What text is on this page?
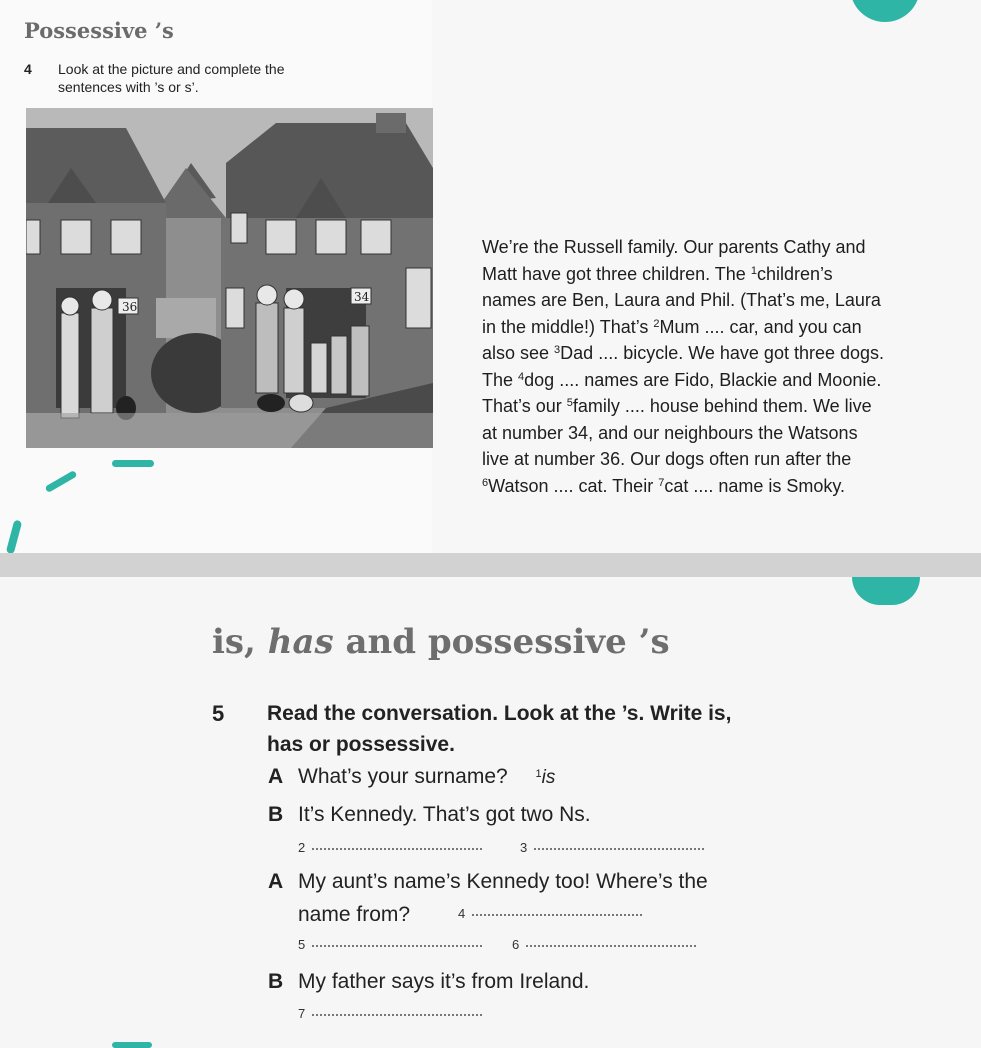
Possessive ’s
4 Look at the picture and complete the
sentences with ’s or s’.
36
34

We’re the Russell family. Our parents Cathy and

Matt have got three children. The $^1$children’s

names are Ben, Laura and Phil. (That’s me, Laura

in the middle!) That’s $^2$Mum .... car, and you can

also see $^3$Dad .... bicycle. We have got three dogs.

The $^4$dog .... names are Fido, Blackie and Moonie.

That’s our $^5$family .... house behind them. We live

at number 34, and our neighbours the Watsons

live at number 36. Our dogs often run after the

$^6$Watson .... cat. Their $^7$cat .... name is Smoky.

is, has and possessive ’s
5 Read the conversation. Look at the ’s. Write is,
has or possessive.
A What’s your surname?	$^1$is
B It’s Kennedy. That’s got two Ns.
2	3
A My aunt’s name’s Kennedy too! Where’s the
name from?	4
5	6
B My father says it’s from Ireland.
7
